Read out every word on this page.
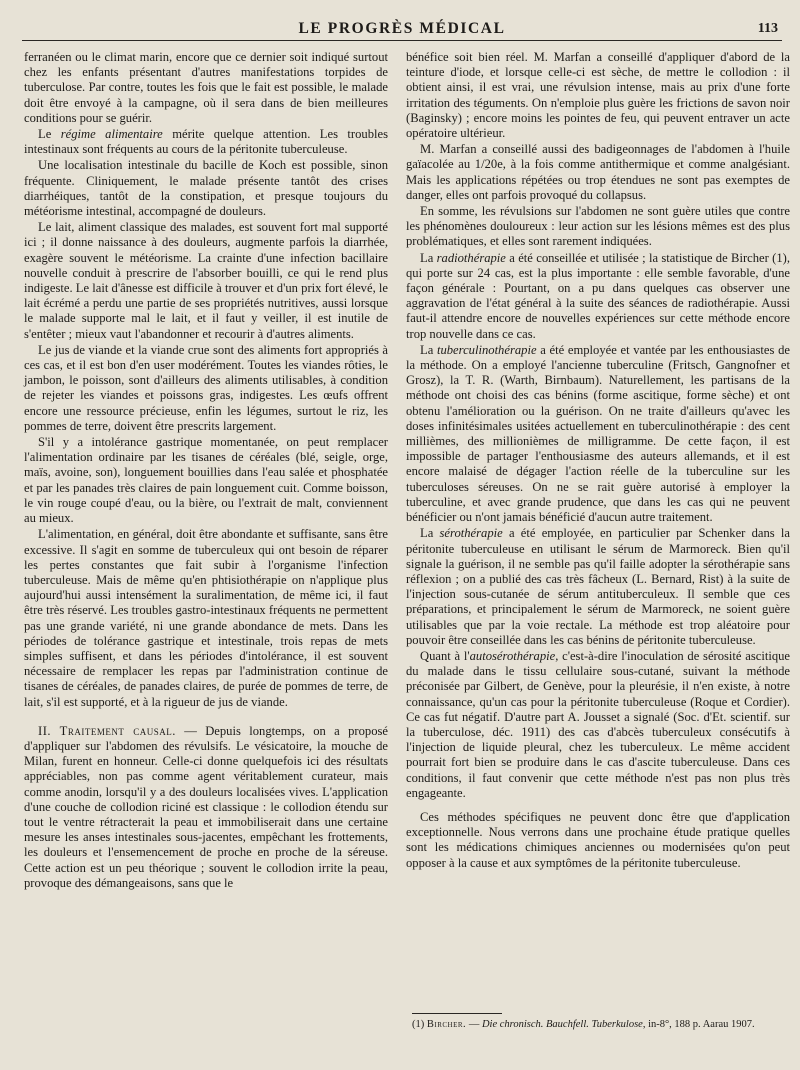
LE PROGRÈS MÉDICAL	113

ferranéen ou le climat marin, encore que ce dernier soit indiqué surtout chez les enfants présentant d'autres manifestations torpides de tuberculose. Par contre, toutes les fois que le fait est possible, le malade doit être envoyé à la campagne, où il sera dans de bien meilleures conditions pour se guérir.

Le régime alimentaire mérite quelque attention. Les troubles intestinaux sont fréquents au cours de la péritonite tuberculeuse.

Une localisation intestinale du bacille de Koch est possible, sinon fréquente. Cliniquement, le malade présente tantôt des crises diarrhéiques, tantôt de la constipation, et presque toujours du météorisme intestinal, accompagné de douleurs.

Le lait, aliment classique des malades, est souvent fort mal supporté ici ; il donne naissance à des douleurs, augmente parfois la diarrhée, exagère souvent le météorisme. La crainte d'une infection bacillaire nouvelle conduit à prescrire de l'absorber bouilli, ce qui le rend plus indigeste. Le lait d'ânesse est difficile à trouver et d'un prix fort élevé, le lait écrémé a perdu une partie de ses propriétés nutritives, aussi lorsque le malade supporte mal le lait, et il faut y veiller, il est inutile de s'entêter ; mieux vaut l'abandonner et recourir à d'autres aliments.

Le jus de viande et la viande crue sont des aliments fort appropriés à ces cas, et il est bon d'en user modérément. Toutes les viandes rôties, le jambon, le poisson, sont d'ailleurs des aliments utilisables, à condition de rejeter les viandes et poissons gras, indigestes. Les œufs offrent encore une ressource précieuse, enfin les légumes, surtout le riz, les pommes de terre, doivent être prescrits largement.

S'il y a intolérance gastrique momentanée, on peut remplacer l'alimentation ordinaire par les tisanes de céréales (blé, seigle, orge, maïs, avoine, son), longuement bouillies dans l'eau salée et phosphatée et par les panades très claires de pain longuement cuit. Comme boisson, le vin rouge coupé d'eau, ou la bière, ou l'extrait de malt, conviennent au mieux.

L'alimentation, en général, doit être abondante et suffisante, sans être excessive. Il s'agit en somme de tuberculeux qui ont besoin de réparer les pertes constantes que fait subir à l'organisme l'infection tuberculeuse. Mais de même qu'en phtisiothérapie on n'applique plus aujourd'hui aussi intensément la suralimentation, de même ici, il faut être très réservé. Les troubles gastro-intestinaux fréquents ne permettent pas une grande variété, ni une grande abondance de mets. Dans les périodes de tolérance gastrique et intestinale, trois repas de mets simples suffisent, et dans les périodes d'intolérance, il est souvent nécessaire de remplacer les repas par l'administration continue de tisanes de céréales, de panades claires, de purée de pommes de terre, de lait, s'il est supporté, et à la rigueur de jus de viande.

II. Traitement causal. — Depuis longtemps, on a proposé d'appliquer sur l'abdomen des révulsifs. Le vésicatoire, la mouche de Milan, furent en honneur. Celle-ci donne quelquefois ici des résultats appréciables, non pas comme agent véritablement curateur, mais comme anodin, lorsqu'il y a des douleurs localisées vives. L'application d'une couche de collodion riciné est classique : le collodion étendu sur tout le ventre rétracterait la peau et immobiliserait dans une certaine mesure les anses intestinales sous-jacentes, empêchant les frottements, les douleurs et l'ensemencement de proche en proche de la séreuse. Cette action est un peu théorique ; souvent le collodion irrite la peau, provoque des démangeaisons, sans que le

bénéfice soit bien réel. M. Marfan a conseillé d'appliquer d'abord de la teinture d'iode, et lorsque celle-ci est sèche, de mettre le collodion : il obtient ainsi, il est vrai, une révulsion intense, mais au prix d'une forte irritation des téguments. On n'emploie plus guère les frictions de savon noir (Baginsky) ; encore moins les pointes de feu, qui peuvent entraver un acte opératoire ultérieur.

M. Marfan a conseillé aussi des badigeonnages de l'abdomen à l'huile gaïacolée au 1/20e, à la fois comme antithermique et comme analgésiant. Mais les applications répétées ou trop étendues ne sont pas exemptes de danger, elles ont parfois provoqué du collapsus.

En somme, les révulsions sur l'abdomen ne sont guère utiles que contre les phénomènes douloureux : leur action sur les lésions mêmes est des plus problématiques, et elles sont rarement indiquées.

La radiothérapie a été conseillée et utilisée ; la statistique de Bircher (1), qui porte sur 24 cas, est la plus importante : elle semble favorable, d'une façon générale : Pourtant, on a pu dans quelques cas observer une aggravation de l'état général à la suite des séances de radiothérapie. Aussi faut-il attendre encore de nouvelles expériences sur cette méthode encore trop nouvelle dans ce cas.

La tuberculinothérapie a été employée et vantée par les enthousiastes de la méthode. On a employé l'ancienne tuberculine (Fritsch, Gangnofner et Grosz), la T. R. (Warth, Birnbaum). Naturellement, les partisans de la méthode ont choisi des cas bénins (forme ascitique, forme sèche) et ont obtenu l'amélioration ou la guérison. On ne traite d'ailleurs qu'avec les doses infinitésimales usitées actuellement en tuberculinothérapie : des cent millièmes, des millionièmes de milligramme. De cette façon, il est impossible de partager l'enthousiasme des auteurs allemands, et il est encore malaisé de dégager l'action réelle de la tuberculine sur les tuberculoses séreuses. On ne se rait guère autorisé à employer la tuberculine, et avec grande prudence, que dans les cas qui ne peuvent bénéficier ou n'ont jamais bénéficié d'aucun autre traitement.

La sérothérapie a été employée, en particulier par Schenker dans la péritonite tuberculeuse en utilisant le sérum de Marmoreck. Bien qu'il signale la guérison, il ne semble pas qu'il faille adopter la sérothérapie sans réflexion ; on a publié des cas très fâcheux (L. Bernard, Rist) à la suite de l'injection sous-cutanée de sérum antituberculeux. Il semble que ces préparations, et principalement le sérum de Marmoreck, ne soient guère utilisables que par la voie rectale. La méthode est trop aléatoire pour pouvoir être conseillée dans les cas bénins de péritonite tuberculeuse.

Quant à l'autosérothérapie, c'est-à-dire l'inoculation de sérosité ascitique du malade dans le tissu cellulaire sous-cutané, suivant la méthode préconisée par Gilbert, de Genève, pour la pleurésie, il n'en existe, à notre connaissance, qu'un cas pour la péritonite tuberculeuse (Roque et Cordier). Ce cas fut négatif. D'autre part A. Jousset a signalé (Soc. d'Et. scientif. sur la tuberculose, déc. 1911) des cas d'abcès tuberculeux consécutifs à l'injection de liquide pleural, chez les tuberculeux. Le même accident pourrait fort bien se produire dans le cas d'ascite tuberculeuse. Dans ces conditions, il faut convenir que cette méthode n'est pas non plus très engageante.

Ces méthodes spécifiques ne peuvent donc être que d'application exceptionnelle. Nous verrons dans une prochaine étude pratique quelles sont les médications chimiques anciennes ou modernisées qu'on peut opposer à la cause et aux symptômes de la péritonite tuberculeuse.

(1) Bircher. — Die chronisch. Bauchfell. Tuberkulose, in-8°, 188 p. Aarau 1907.
